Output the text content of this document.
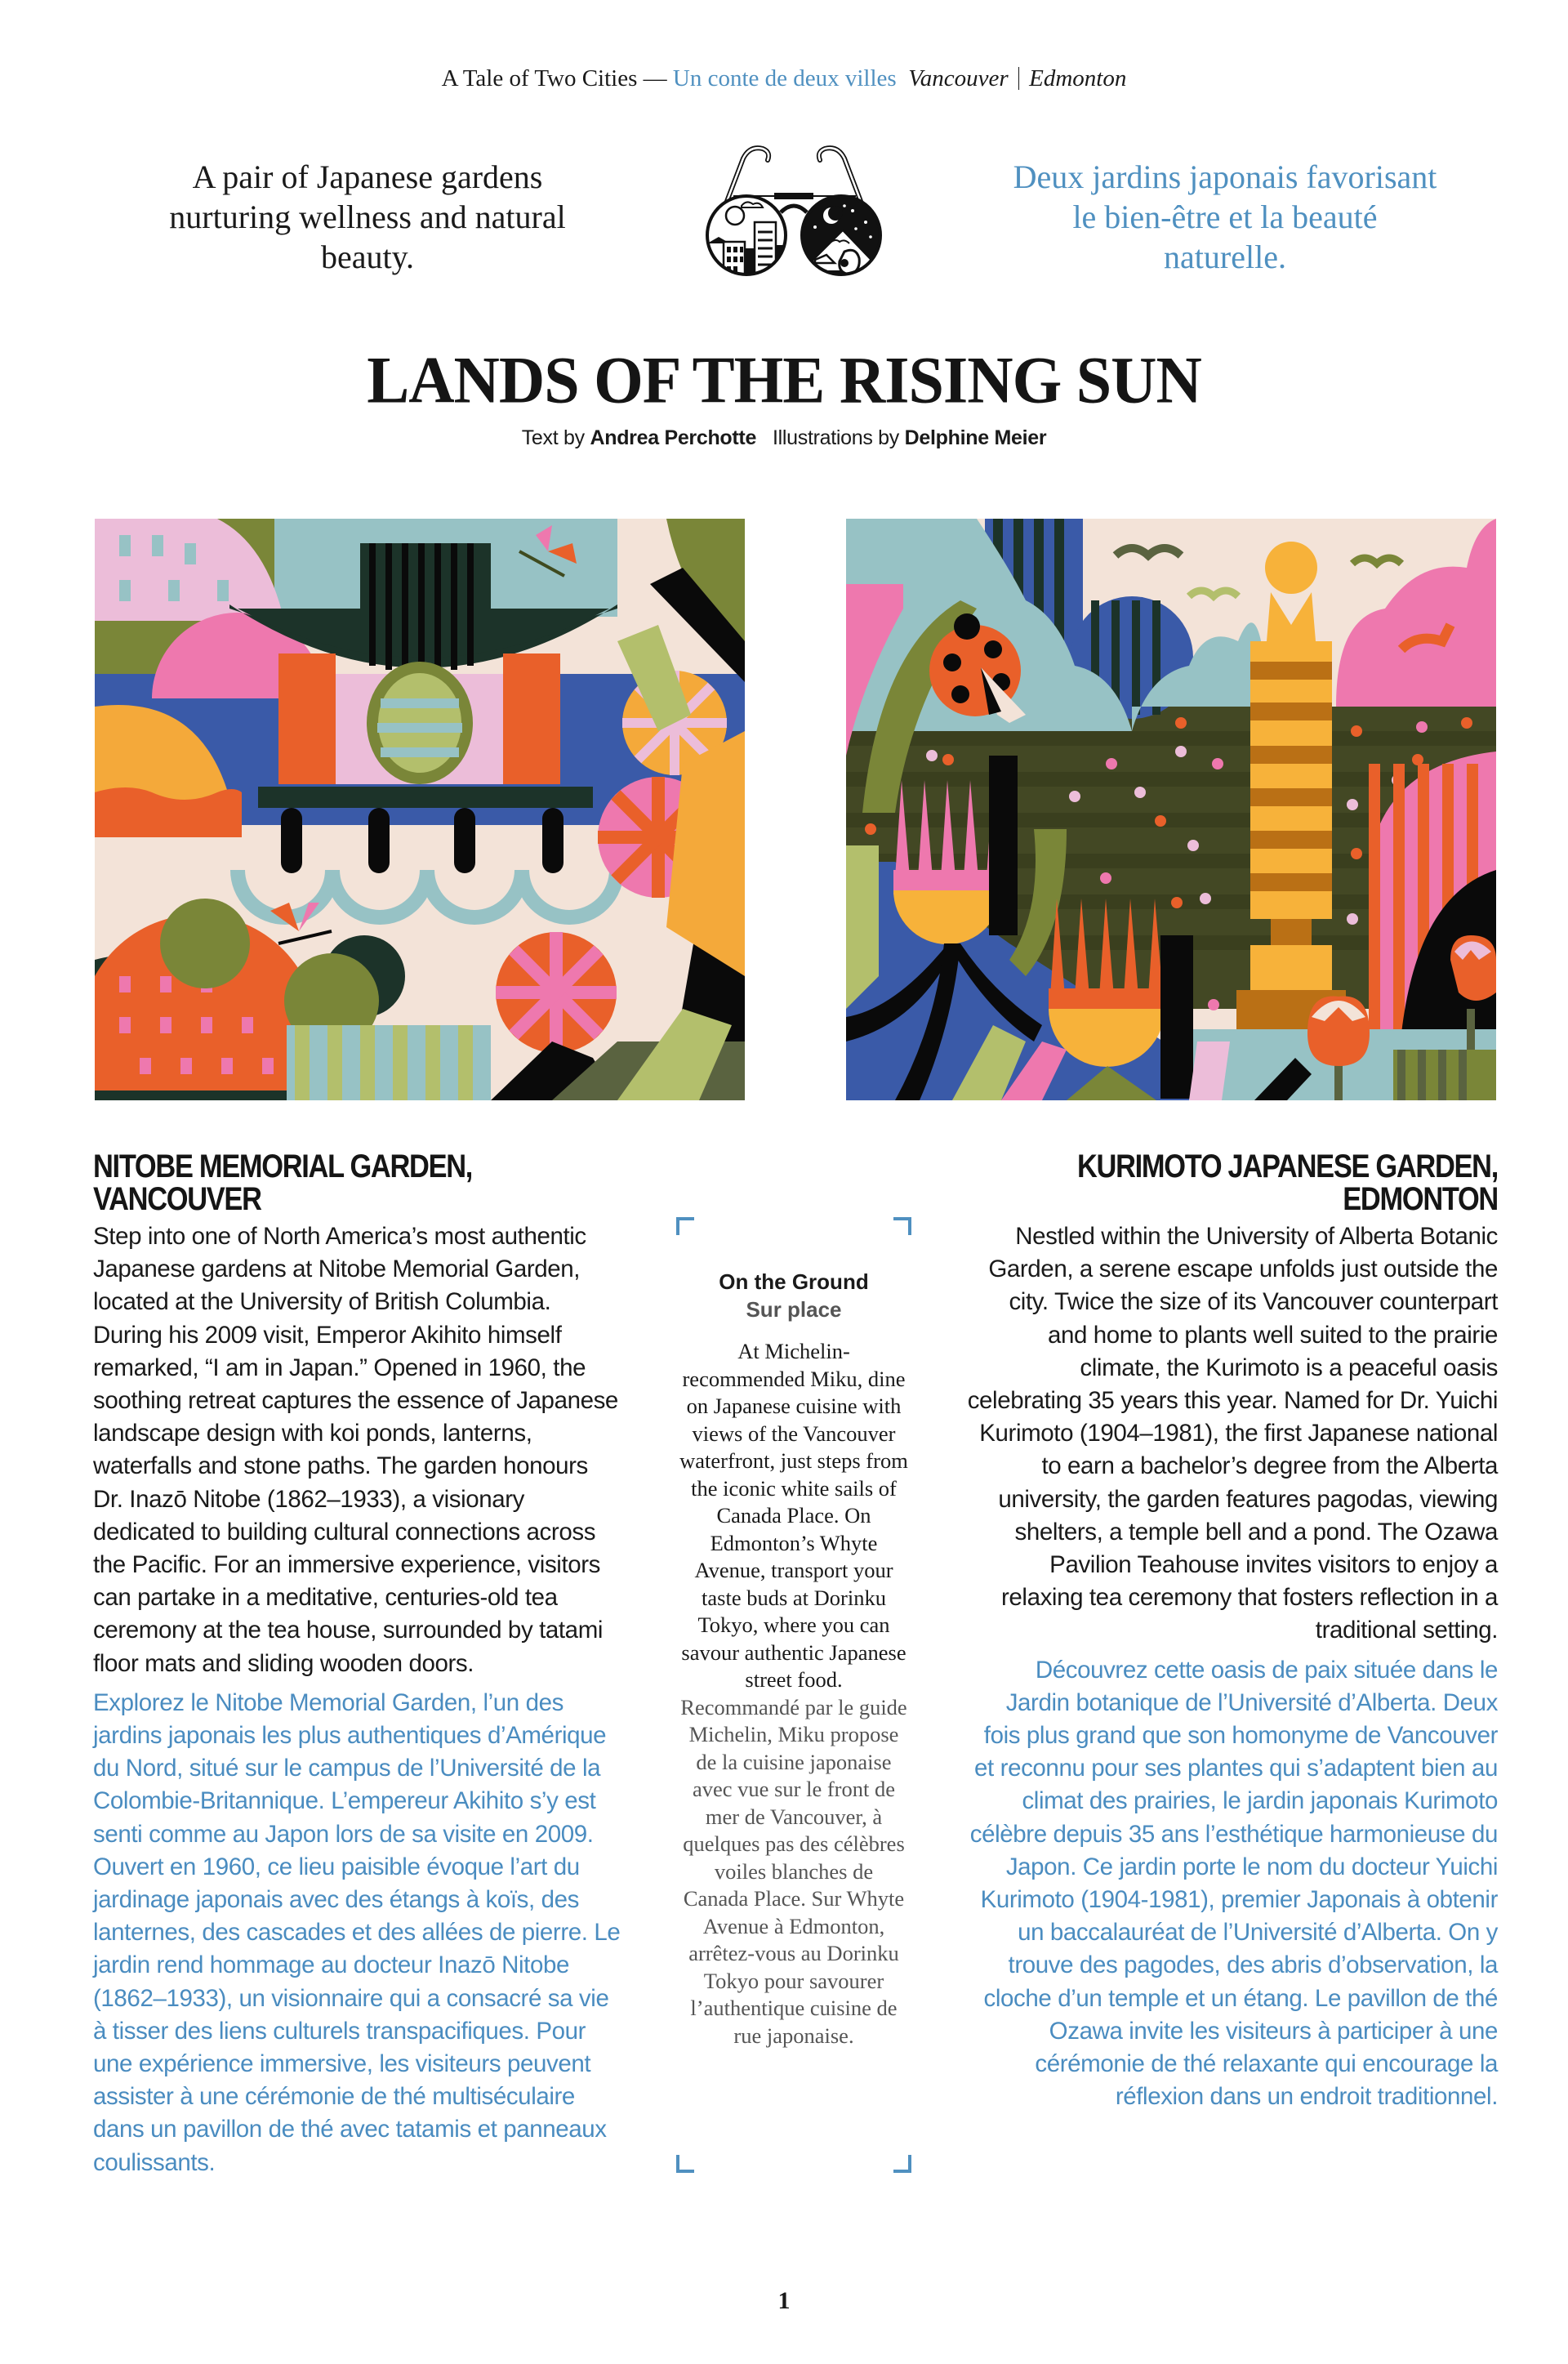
A Tale of Two Cities — Un conte de deux villes Vancouver Edmonton
A pair of Japanese gardens nurturing wellness and natural beauty.
Deux jardins japonais favorisant le bien-être et la beauté naturelle.
LANDS OF THE RISING SUN
Text by Andrea Perchotte Illustrations by Delphine Meier
NITOBE MEMORIAL GARDEN, VANCOUVER

Step into one of North America’s most authentic Japanese gardens at Nitobe Memorial Garden, located at the University of British Columbia. During his 2009 visit, Emperor Akihito himself remarked, “I am in Japan.” Opened in 1960, the soothing retreat captures the essence of Japanese landscape design with koi ponds, lanterns, waterfalls and stone paths. The garden honours Dr. Inazō Nitobe (1862–1933), a visionary dedicated to building cultural connections across the Pacific. For an immersive experience, visitors can partake in a meditative, centuries-old tea ceremony at the tea house, surrounded by tatami floor mats and sliding wooden doors.

Explorez le Nitobe Memorial Garden, l’un des jardins japonais les plus authentiques d’Amérique du Nord, situé sur le campus de l’Université de la Colombie-Britannique. L’empereur Akihito s’y est senti comme au Japon lors de sa visite en 2009. Ouvert en 1960, ce lieu paisible évoque l’art du jardinage japonais avec des étangs à koïs, des lanternes, des cascades et des allées de pierre. Le jardin rend hommage au docteur Inazō Nitobe (1862–1933), un visionnaire qui a consacré sa vie à tisser des liens culturels transpacifiques. Pour une expérience immersive, les visiteurs peuvent assister à une cérémonie de thé multiséculaire dans un pavillon de thé avec tatamis et panneaux coulissants.

On the Ground
Sur place
At Michelin-recommended Miku, dine on Japanese cuisine with views of the Vancouver waterfront, just steps from the iconic white sails of Canada Place. On Edmonton’s Whyte Avenue, transport your taste buds at Dorinku Tokyo, where you can savour authentic Japanese street food.
Recommandé par le guide Michelin, Miku propose de la cuisine japonaise avec vue sur le front de mer de Vancouver, à quelques pas des célèbres voiles blanches de Canada Place. Sur Whyte Avenue à Edmonton, arrêtez-vous au Dorinku Tokyo pour savourer l’authentique cuisine de rue japonaise.
KURIMOTO JAPANESE GARDEN, EDMONTON

Nestled within the University of Alberta Botanic Garden, a serene escape unfolds just outside the city. Twice the size of its Vancouver counterpart and home to plants well suited to the prairie climate, the Kurimoto is a peaceful oasis celebrating 35 years this year. Named for Dr. Yuichi Kurimoto (1904–1981), the first Japanese national to earn a bachelor’s degree from the Alberta university, the garden features pagodas, viewing shelters, a temple bell and a pond. The Ozawa Pavilion Teahouse invites visitors to enjoy a relaxing tea ceremony that fosters reflection in a traditional setting.

Découvrez cette oasis de paix située dans le Jardin botanique de l’Université d’Alberta. Deux fois plus grand que son homonyme de Vancouver et reconnu pour ses plantes qui s’adaptent bien au climat des prairies, le jardin japonais Kurimoto célèbre depuis 35 ans l’esthétique harmonieuse du Japon. Ce jardin porte le nom du docteur Yuichi Kurimoto (1904-1981), premier Japonais à obtenir un baccalauréat de l’Université d’Alberta. On y trouve des pagodes, des abris d’observation, la cloche d’un temple et un étang. Le pavillon de thé Ozawa invite les visiteurs à participer à une cérémonie de thé relaxante qui encourage la réflexion dans un endroit traditionnel.

1
